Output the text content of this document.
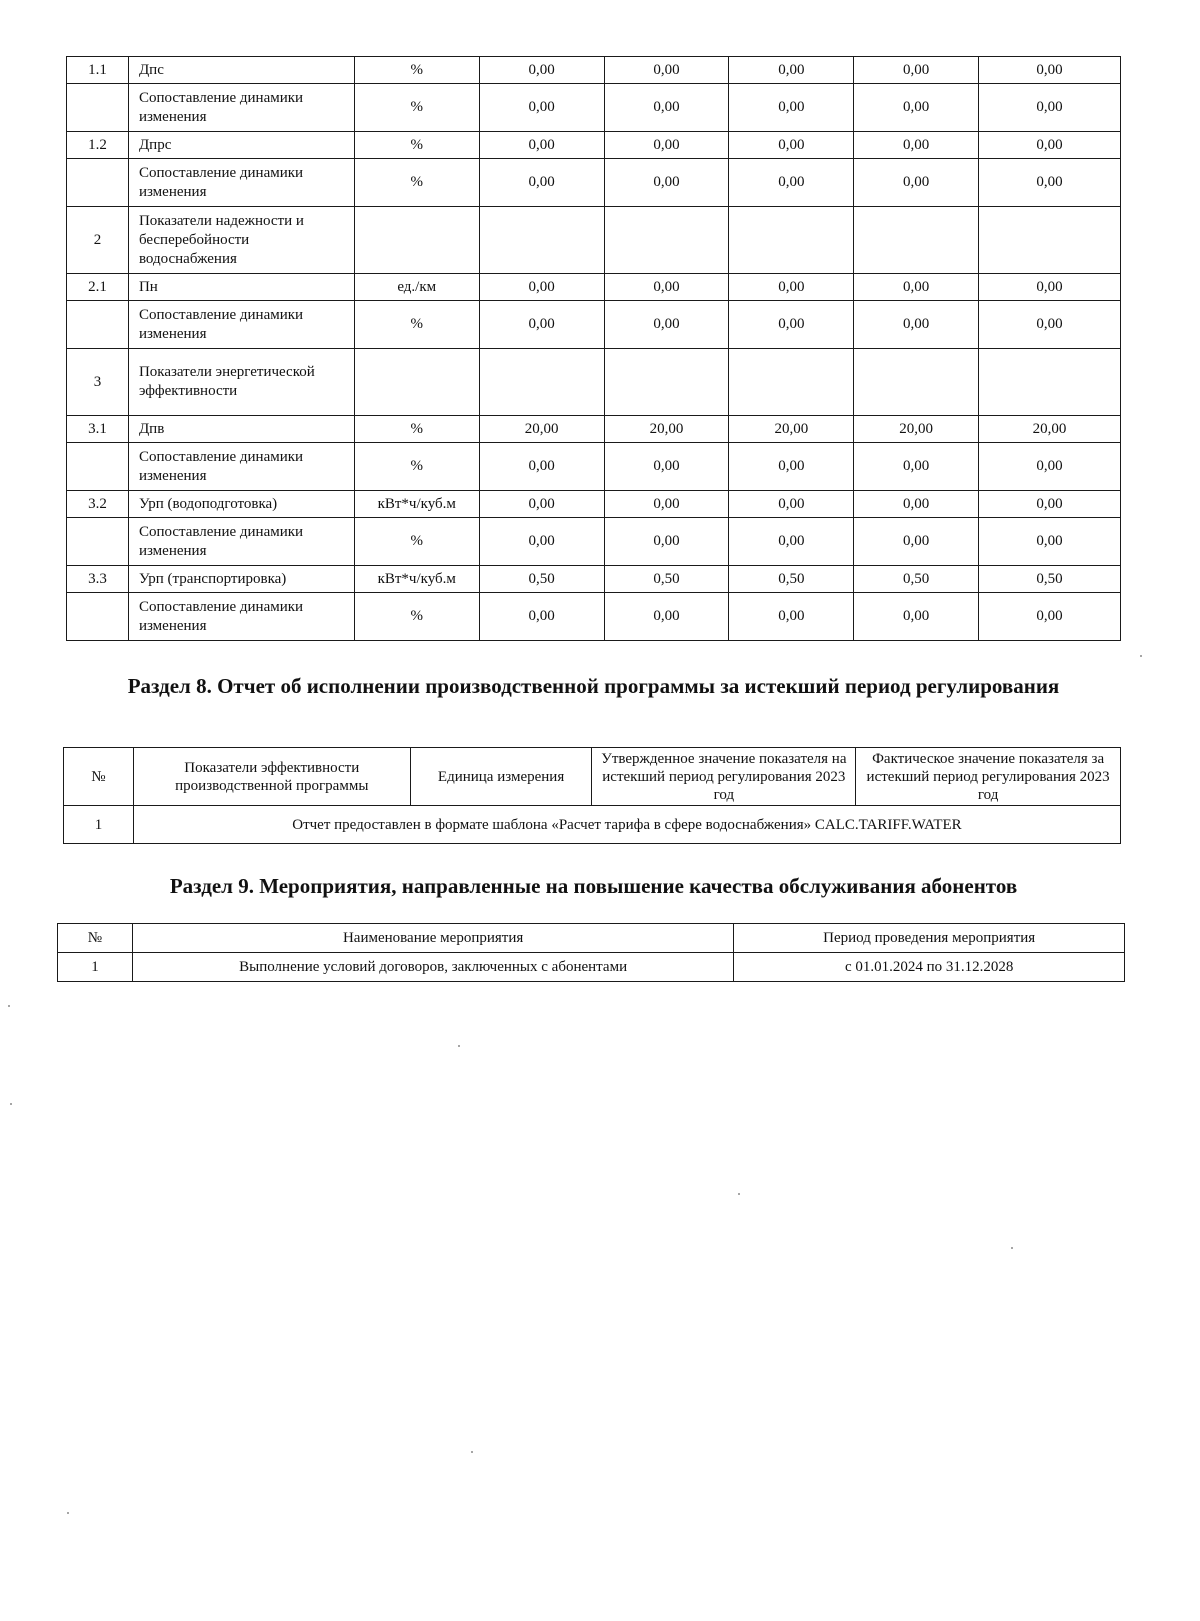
1.1	Дпс	%	0,00	0,00	0,00	0,00	0,00
	Сопоставление динамики изменения	%	0,00	0,00	0,00	0,00	0,00
1.2	Дпрс	%	0,00	0,00	0,00	0,00	0,00
	Сопоставление динамики изменения	%	0,00	0,00	0,00	0,00	0,00
2	Показатели надежности и бесперебойности водоснабжения						
2.1	Пн	ед./км	0,00	0,00	0,00	0,00	0,00
	Сопоставление динамики изменения	%	0,00	0,00	0,00	0,00	0,00
3	Показатели энергетической эффективности						
3.1	Дпв	%	20,00	20,00	20,00	20,00	20,00
	Сопоставление динамики изменения	%	0,00	0,00	0,00	0,00	0,00
3.2	Урп (водоподготовка)	кВт*ч/куб.м	0,00	0,00	0,00	0,00	0,00
	Сопоставление динамики изменения	%	0,00	0,00	0,00	0,00	0,00
3.3	Урп (транспортировка)	кВт*ч/куб.м	0,50	0,50	0,50	0,50	0,50
	Сопоставление динамики изменения	%	0,00	0,00	0,00	0,00	0,00
Раздел 8. Отчет об исполнении производственной программы за истекший период регулирования
№	Показатели эффективности производственной программы	Единица измерения	Утвержденное значение показателя на истекший период регулирования 2023 год	Фактическое значение показателя за истекший период регулирования 2023 год
1	Отчет предоставлен в формате шаблона «Расчет тарифа в сфере водоснабжения» CALC.TARIFF.WATER			
Раздел 9. Мероприятия, направленные на повышение качества обслуживания абонентов
№	Наименование мероприятия	Период проведения мероприятия
1	Выполнение условий договоров, заключенных с абонентами	с 01.01.2024 по 31.12.2028
